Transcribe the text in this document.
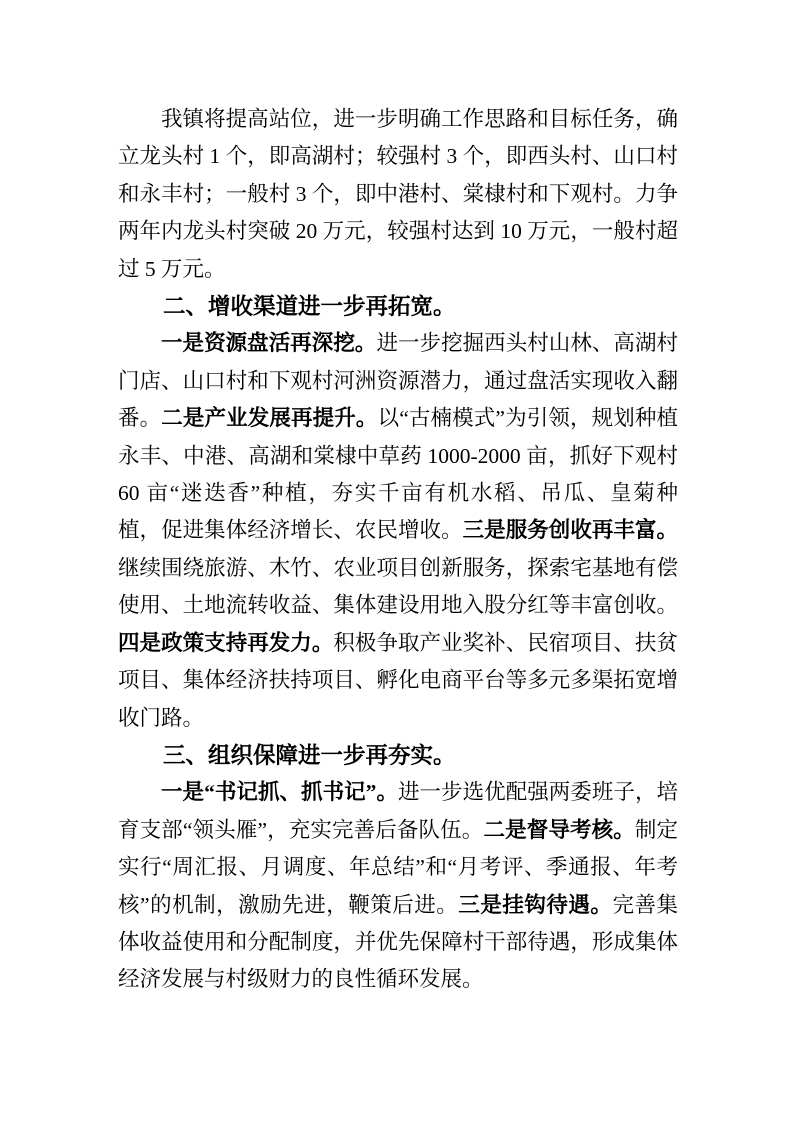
我镇将提高站位，进一步明确工作思路和目标任务，确立龙头村 1 个，即高湖村；较强村 3 个，即西头村、山口村和永丰村；一般村 3 个，即中港村、棠棣村和下观村。力争两年内龙头村突破 20 万元，较强村达到 10 万元，一般村超过 5 万元。

二、增收渠道进一步再拓宽。

一是资源盘活再深挖。进一步挖掘西头村山林、高湖村门店、山口村和下观村河洲资源潜力，通过盘活实现收入翻番。二是产业发展再提升。以“古楠模式”为引领，规划种植永丰、中港、高湖和棠棣中草药 1000-2000 亩，抓好下观村 60 亩“迷迭香”种植，夯实千亩有机水稻、吊瓜、皇菊种植，促进集体经济增长、农民增收。三是服务创收再丰富。继续围绕旅游、木竹、农业项目创新服务，探索宅基地有偿使用、土地流转收益、集体建设用地入股分红等丰富创收。四是政策支持再发力。积极争取产业奖补、民宿项目、扶贫项目、集体经济扶持项目、孵化电商平台等多元多渠拓宽增收门路。

三、组织保障进一步再夯实。

一是“书记抓、抓书记”。进一步选优配强两委班子，培育支部“领头雁”，充实完善后备队伍。二是督导考核。制定实行“周汇报、月调度、年总结”和“月考评、季通报、年考核”的机制，激励先进，鞭策后进。三是挂钩待遇。完善集体收益使用和分配制度，并优先保障村干部待遇，形成集体经济发展与村级财力的良性循环发展。
